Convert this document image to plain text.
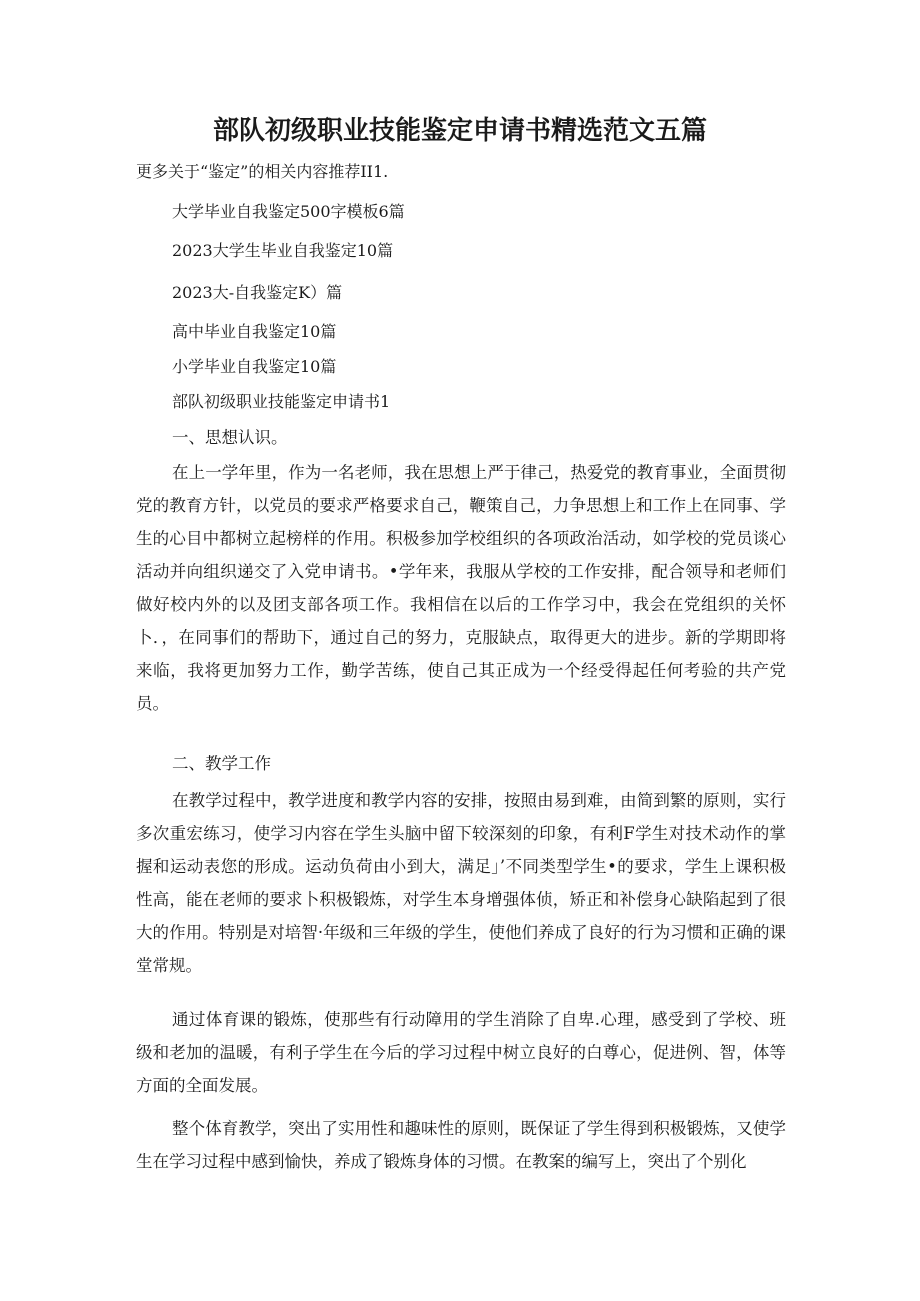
部队初级职业技能鉴定申请书精选范文五篇

更多关于“鉴定”的相关内容推荐II1.

大学毕业自我鉴定500字模板6篇
2023大学生毕业自我鉴定10篇
2023大-自我鉴定K）篇
高中毕业自我鉴定10篇
小学毕业自我鉴定10篇
部队初级职业技能鉴定申请书1

一、思想认识。

在上一学年里，作为一名老师，我在思想上严于律己，热爱党的教育事业，全面贯彻党的教育方针，以党员的要求严格要求自己，鞭策自己，力争思想上和工作上在同事、学生的心目中都树立起榜样的作用。积极参加学校组织的各项政治活动，如学校的党员谈心活动并向组织递交了入党申请书。•学年来，我服从学校的工作安排，配合领导和老师们做好校内外的以及团支部各项工作。我相信在以后的工作学习中，我会在党组织的关怀卜．，在同事们的帮助下，通过自己的努力，克服缺点，取得更大的进步。新的学期即将来临，我将更加努力工作，勤学苦练，使自己其正成为一个经受得起任何考验的共产党员。

二、教学工作

在教学过程中，教学进度和教学内容的安排，按照由易到难，由简到繁的原则，实行多次重宏练习，使学习内容在学生头脑中留下较深刻的印象，有利F学生对技术动作的掌握和运动表您的形成。运动负荷由小到大，满足」’不同类型学生•的要求，学生上课积极性高，能在老师的要求卜积极锻炼，对学生本身增强体侦，矫正和补偿身心缺陷起到了很大的作用。特别是对培智·年级和三年级的学生，使他们养成了良好的行为习惯和正确的课堂常规。

通过体育课的锻炼，使那些有行动障用的学生消除了自卑.心理，感受到了学校、班级和老加的温暖，有利子学生在今后的学习过程中树立良好的白尊心，促进例、智，体等方面的全面发展。

整个体育教学，突出了实用性和趣味性的原则，既保证了学生得到积极锻炼，又使学生在学习过程中感到愉快，养成了锻炼身体的习惯。在教案的编写上，突出了个别化
